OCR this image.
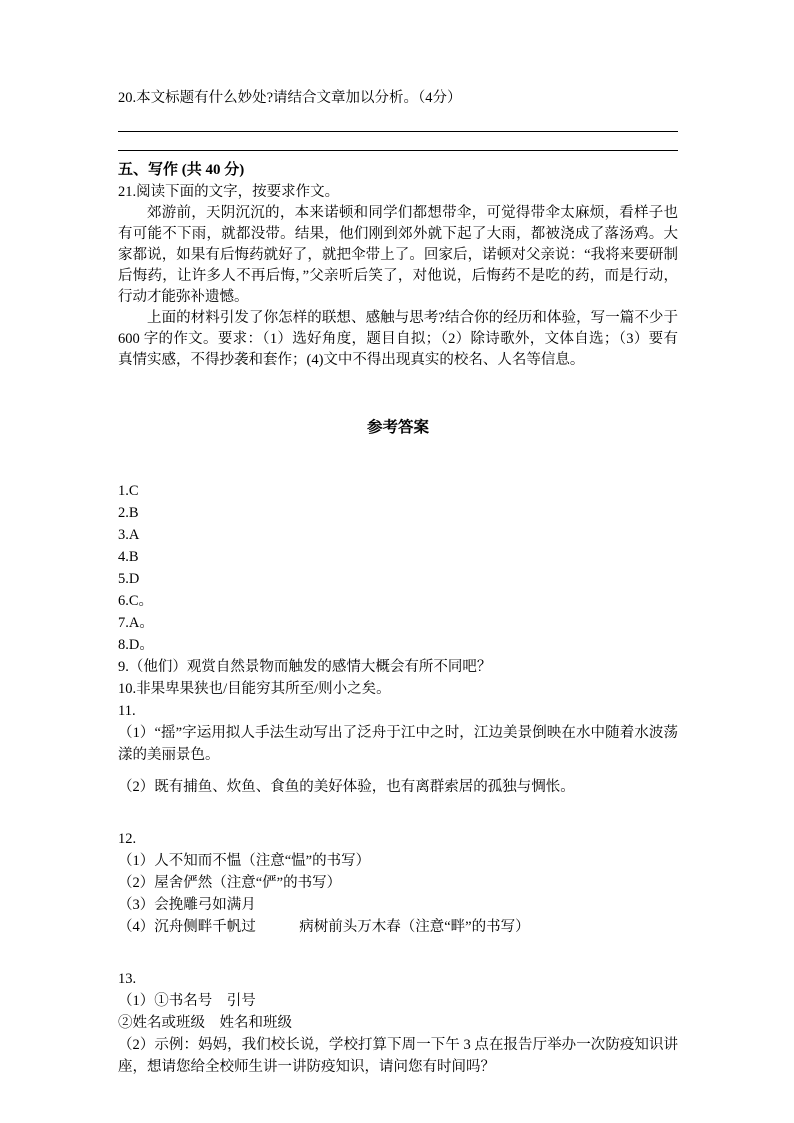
20.本文标题有什么妙处?请结合文章加以分析。（4分）
五、写作 (共 40 分)
21.阅读下面的文字，按要求作文。
郊游前，天阴沉沉的，本来诺顿和同学们都想带伞，可觉得带伞太麻烦，看样子也有可能不下雨，就都没带。结果，他们刚到郊外就下起了大雨，都被浇成了落汤鸡。大家都说，如果有后悔药就好了，就把伞带上了。回家后，诺顿对父亲说：“我将来要研制后悔药，让许多人不再后悔，”父亲听后笑了，对他说，后悔药不是吃的药，而是行动，行动才能弥补遗憾。
上面的材料引发了你怎样的联想、感触与思考?结合你的经历和体验，写一篇不少于600 字的作文。要求：（1）选好角度，题目自拟；（2）除诗歌外，文体自选；（3）要有真情实感，不得抄袭和套作；(4)文中不得出现真实的校名、人名等信息。
参考答案
1.C
2.B
3.A
4.B
5.D
6.C。
7.A。
8.D。
9.（他们）观赏自然景物而触发的感情大概会有所不同吧？
10.非果卑果狭也/目能穷其所至/则小之矣。
11.
（1）“摇”字运用拟人手法生动写出了泛舟于江中之时，江边美景倒映在水中随着水波荡漾的美丽景色。
（2）既有捕鱼、炊鱼、食鱼的美好体验，也有离群索居的孤独与惆怅。
12.
（1）人不知而不愠（注意“愠”的书写）
（2）屋舍俨然（注意“俨”的书写）
（3）会挽雕弓如满月
（4）沉舟侧畔千帆过　　　病树前头万木春（注意“畔”的书写）
13.
（1）①书名号　引号
②姓名或班级　姓名和班级
（2）示例：妈妈，我们校长说，学校打算下周一下午 3 点在报告厅举办一次防疫知识讲座，想请您给全校师生讲一讲防疫知识，请问您有时间吗？
